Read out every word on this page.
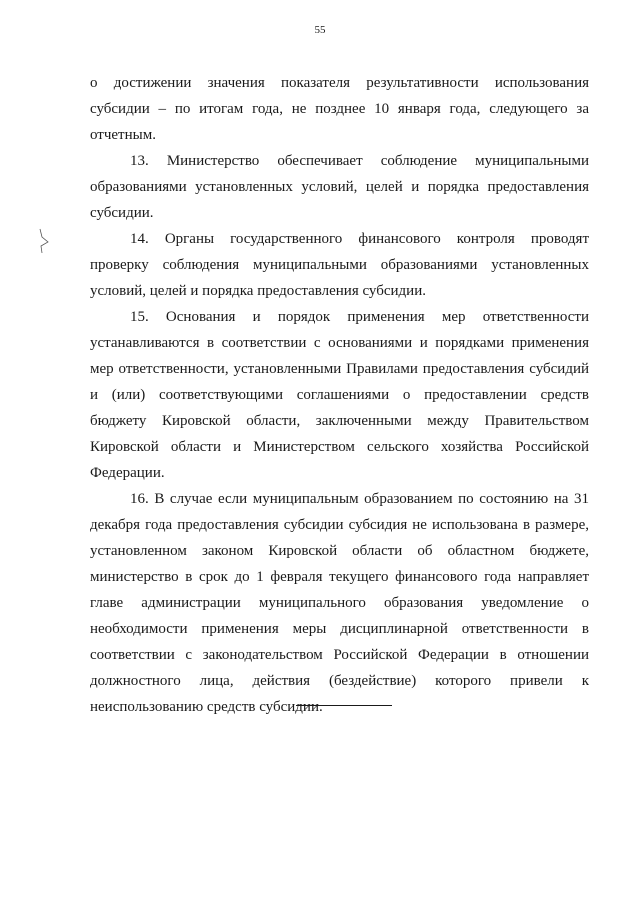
55

о достижении значения показателя результативности использования субсидии – по итогам года, не позднее 10 января года, следующего за отчетным.

13. Министерство обеспечивает соблюдение муниципальными образованиями установленных условий, целей и порядка предоставления субсидии.

14. Органы государственного финансового контроля проводят проверку соблюдения муниципальными образованиями установленных условий, целей и порядка предоставления субсидии.

15. Основания и порядок применения мер ответственности устанавливаются в соответствии с основаниями и порядками применения мер ответственности, установленными Правилами предоставления субсидий и (или) соответствующими соглашениями о предоставлении средств бюджету Кировской области, заключенными между Правительством Кировской области и Министерством сельского хозяйства Российской Федерации.

16. В случае если муниципальным образованием по состоянию на 31 декабря года предоставления субсидии субсидия не использована в размере, установленном законом Кировской области об областном бюджете, министерство в срок до 1 февраля текущего финансового года направляет главе администрации муниципального образования уведомление о необходимости применения меры дисциплинарной ответственности в соответствии с законодательством Российской Федерации в отношении должностного лица, действия (бездействие) которого привели к неиспользованию средств субсидии.
